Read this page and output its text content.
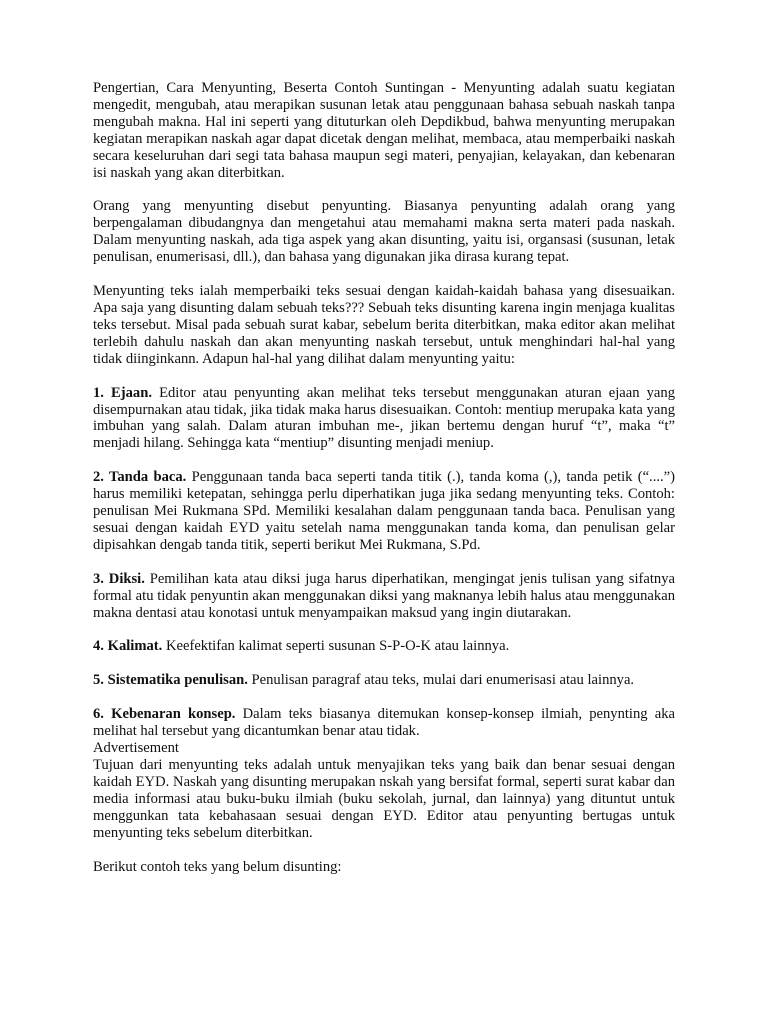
Pengertian, Cara Menyunting, Beserta Contoh Suntingan - Menyunting adalah suatu kegiatan mengedit, mengubah, atau merapikan susunan letak atau penggunaan bahasa sebuah naskah tanpa mengubah makna. Hal ini seperti yang dituturkan oleh Depdikbud, bahwa menyunting merupakan kegiatan merapikan naskah agar dapat dicetak dengan melihat, membaca, atau memperbaiki naskah secara keseluruhan dari segi tata bahasa maupun segi materi, penyajian, kelayakan, dan kebenaran isi naskah yang akan diterbitkan.

Orang yang menyunting disebut penyunting. Biasanya penyunting adalah orang yang berpengalaman dibudangnya dan mengetahui atau memahami makna serta materi pada naskah. Dalam menyunting naskah, ada tiga aspek yang akan disunting, yaitu isi, organsasi (susunan, letak penulisan, enumerisasi, dll.), dan bahasa yang digunakan jika dirasa kurang tepat.

Menyunting teks ialah memperbaiki teks sesuai dengan kaidah-kaidah bahasa yang disesuaikan. Apa saja yang disunting dalam sebuah teks??? Sebuah teks disunting karena ingin menjaga kualitas teks tersebut. Misal pada sebuah surat kabar, sebelum berita diterbitkan, maka editor akan melihat terlebih dahulu naskah dan akan menyunting naskah tersebut, untuk menghindari hal-hal yang tidak diinginkann. Adapun hal-hal yang dilihat dalam menyunting yaitu:

1. Ejaan. Editor atau penyunting akan melihat teks tersebut menggunakan aturan ejaan yang disempurnakan atau tidak, jika tidak maka harus disesuaikan. Contoh: mentiup merupaka kata yang imbuhan yang salah. Dalam aturan imbuhan me-, jikan bertemu dengan huruf “t”, maka “t” menjadi hilang. Sehingga kata “mentiup” disunting menjadi meniup.

2. Tanda baca. Penggunaan tanda baca seperti tanda titik (.), tanda koma (,), tanda petik (“....”) harus memiliki ketepatan, sehingga perlu diperhatikan juga jika sedang menyunting teks. Contoh: penulisan Mei Rukmana SPd. Memiliki kesalahan dalam penggunaan tanda baca. Penulisan yang sesuai dengan kaidah EYD yaitu setelah nama menggunakan tanda koma, dan penulisan gelar dipisahkan dengab tanda titik, seperti berikut Mei Rukmana, S.Pd.

3. Diksi. Pemilihan kata atau diksi juga harus diperhatikan, mengingat jenis tulisan yang sifatnya formal atu tidak penyuntin akan menggunakan diksi yang maknanya lebih halus atau menggunakan makna dentasi atau konotasi untuk menyampaikan maksud yang ingin diutarakan.

4. Kalimat. Keefektifan kalimat seperti susunan S-P-O-K atau lainnya.

5. Sistematika penulisan. Penulisan paragraf atau teks, mulai dari enumerisasi atau lainnya.

6. Kebenaran konsep. Dalam teks biasanya ditemukan konsep-konsep ilmiah, penynting aka melihat hal tersebut yang dicantumkan benar atau tidak.

Advertisement

Tujuan dari menyunting teks adalah untuk menyajikan teks yang baik dan benar sesuai dengan kaidah EYD. Naskah yang disunting merupakan nskah yang bersifat formal, seperti surat kabar dan media informasi atau buku-buku ilmiah (buku sekolah, jurnal, dan lainnya) yang dituntut untuk menggunkan tata kebahasaan sesuai dengan EYD. Editor atau penyunting bertugas untuk menyunting teks sebelum diterbitkan.

Berikut contoh teks yang belum disunting:
